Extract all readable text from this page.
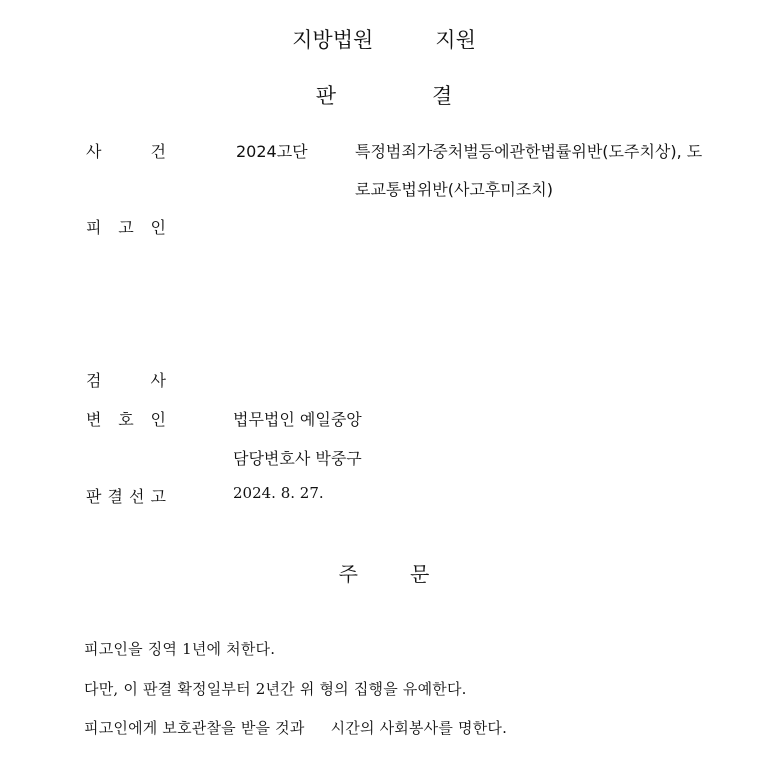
지방법원	지원
판	결
사	건	2024고단	특정범죄가중처벌등에관한법률위반(도주치상), 도
로교통법위반(사고후미조치)
피 고 인
검	사
변 호 인	법무법인 예일중앙
담당변호사 박중구
판 결 선 고	2024. 8. 27.
주	문
피고인을 징역 1년에 처한다.
다만, 이 판결 확정일부터 2년간 위 형의 집행을 유예한다.
피고인에게 보호관찰을 받을 것과 시간의 사회봉사를 명한다.
